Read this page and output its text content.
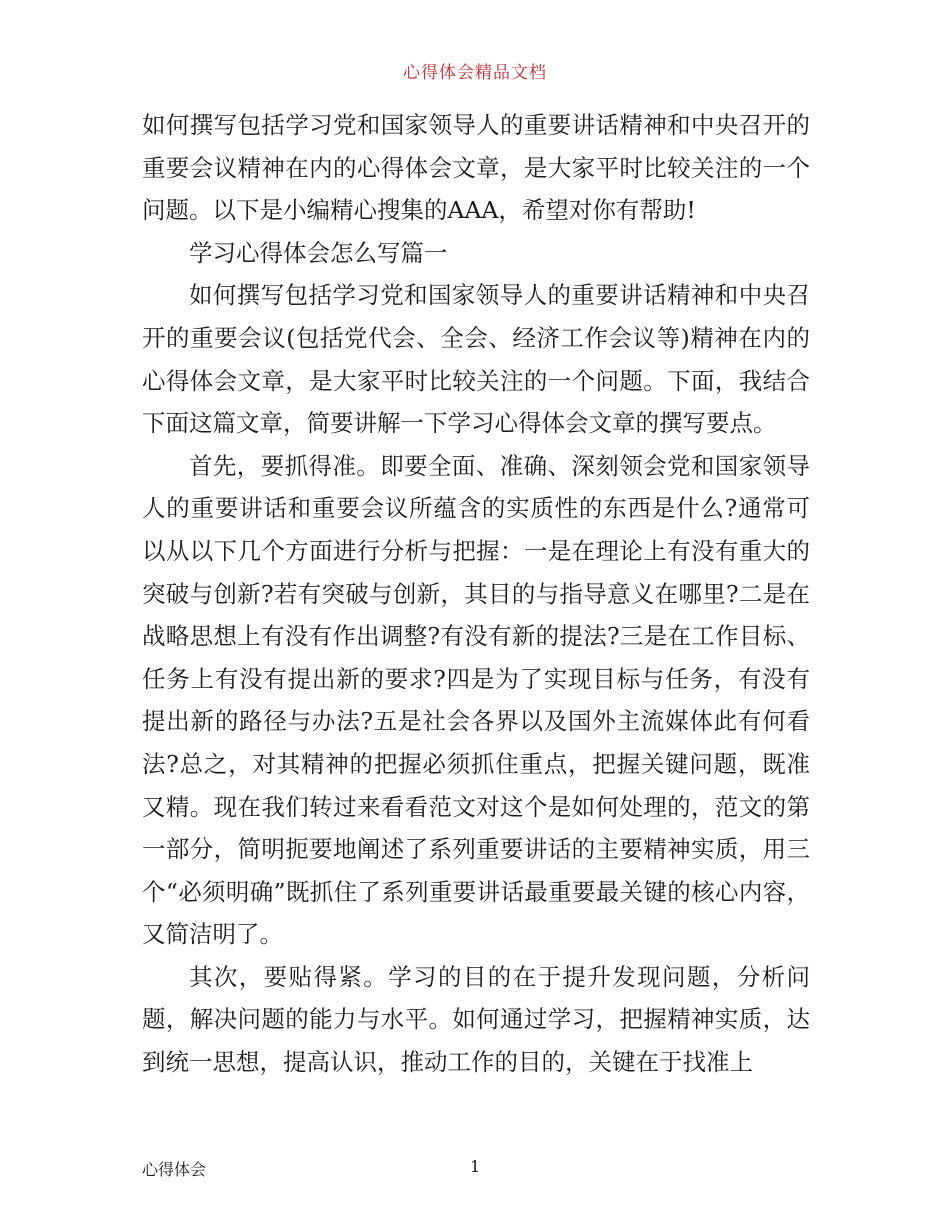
心得体会精品文档

如何撰写包括学习党和国家领导人的重要讲话精神和中央召开的重要会议精神在内的心得体会文章，是大家平时比较关注的一个问题。以下是小编精心搜集的AAA，希望对你有帮助!

学习心得体会怎么写篇一

如何撰写包括学习党和国家领导人的重要讲话精神和中央召开的重要会议(包括党代会、全会、经济工作会议等)精神在内的心得体会文章，是大家平时比较关注的一个问题。下面，我结合下面这篇文章，简要讲解一下学习心得体会文章的撰写要点。

首先，要抓得准。即要全面、准确、深刻领会党和国家领导人的重要讲话和重要会议所蕴含的实质性的东西是什么?通常可以从以下几个方面进行分析与把握：一是在理论上有没有重大的突破与创新?若有突破与创新，其目的与指导意义在哪里?二是在战略思想上有没有作出调整?有没有新的提法?三是在工作目标、任务上有没有提出新的要求?四是为了实现目标与任务，有没有提出新的路径与办法?五是社会各界以及国外主流媒体此有何看法?总之，对其精神的把握必须抓住重点，把握关键问题，既准又精。现在我们转过来看看范文对这个是如何处理的，范文的第一部分，简明扼要地阐述了系列重要讲话的主要精神实质，用三个“必须明确”既抓住了系列重要讲话最重要最关键的核心内容，又简洁明了。

其次，要贴得紧。学习的目的在于提升发现问题，分析问题，解决问题的能力与水平。如何通过学习，把握精神实质，达到统一思想，提高认识，推动工作的目的，关键在于找准上

心得体会	1
